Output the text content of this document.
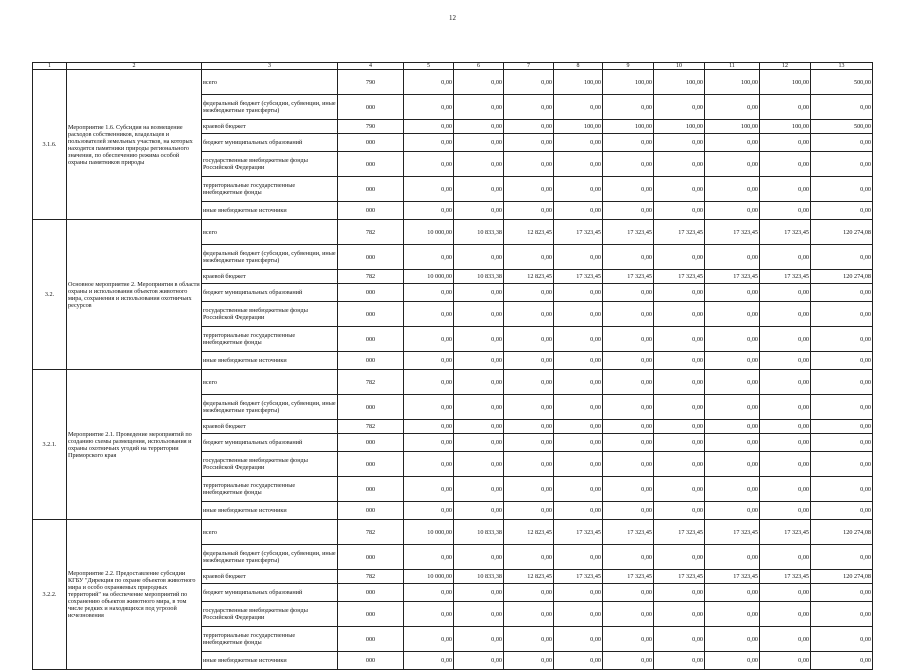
12
1	2	3	4	5	6	7	8	9	10	11	12	13
3.1.6.	Мероприятие 1.6. Субсидия на возмещение расходов собственников, владельцев и пользователей земельных участков, на которых находятся памятники природы регионального значения, по обеспечению режима особой охраны памятников природы	всего	790	0,00	0,00	0,00	100,00	100,00	100,00	100,00	100,00	500,00
		федеральный бюджет (субсидии, субвенции, иные межбюджетные трансферты)	000	0,00	0,00	0,00	0,00	0,00	0,00	0,00	0,00	0,00
		краевой бюджет	790	0,00	0,00	0,00	100,00	100,00	100,00	100,00	100,00	500,00
		бюджет муниципальных образований	000	0,00	0,00	0,00	0,00	0,00	0,00	0,00	0,00	0,00
		государственные внебюджетные фонды Российской Федерации	000	0,00	0,00	0,00	0,00	0,00	0,00	0,00	0,00	0,00
		территориальные государственные внебюджетные фонды	000	0,00	0,00	0,00	0,00	0,00	0,00	0,00	0,00	0,00
		иные внебюджетные источники	000	0,00	0,00	0,00	0,00	0,00	0,00	0,00	0,00	0,00
3.2.	Основное мероприятие 2. Мероприятия в области охраны и использования объектов животного мира, сохранения и использования охотничьих ресурсов	всего	782	10 000,00	10 833,38	12 823,45	17 323,45	17 323,45	17 323,45	17 323,45	17 323,45	120 274,08
		федеральный бюджет (субсидии, субвенции, иные межбюджетные трансферты)	000	0,00	0,00	0,00	0,00	0,00	0,00	0,00	0,00	0,00
		краевой бюджет	782	10 000,00	10 833,38	12 823,45	17 323,45	17 323,45	17 323,45	17 323,45	17 323,45	120 274,08
		бюджет муниципальных образований	000	0,00	0,00	0,00	0,00	0,00	0,00	0,00	0,00	0,00
		государственные внебюджетные фонды Российской Федерации	000	0,00	0,00	0,00	0,00	0,00	0,00	0,00	0,00	0,00
		территориальные государственные внебюджетные фонды	000	0,00	0,00	0,00	0,00	0,00	0,00	0,00	0,00	0,00
		иные внебюджетные источники	000	0,00	0,00	0,00	0,00	0,00	0,00	0,00	0,00	0,00
3.2.1.	Мероприятие 2.1. Проведение мероприятий по созданию схемы размещения, использования и охраны охотничьих угодий на территории Приморского края	всего	782	0,00	0,00	0,00	0,00	0,00	0,00	0,00	0,00	0,00
		федеральный бюджет (субсидии, субвенции, иные межбюджетные трансферты)	000	0,00	0,00	0,00	0,00	0,00	0,00	0,00	0,00	0,00
		краевой бюджет	782	0,00	0,00	0,00	0,00	0,00	0,00	0,00	0,00	0,00
		бюджет муниципальных образований	000	0,00	0,00	0,00	0,00	0,00	0,00	0,00	0,00	0,00
		государственные внебюджетные фонды Российской Федерации	000	0,00	0,00	0,00	0,00	0,00	0,00	0,00	0,00	0,00
		территориальные государственные внебюджетные фонды	000	0,00	0,00	0,00	0,00	0,00	0,00	0,00	0,00	0,00
		иные внебюджетные источники	000	0,00	0,00	0,00	0,00	0,00	0,00	0,00	0,00	0,00
3.2.2.	Мероприятие 2.2. Предоставление субсидии КГБУ "Дирекция по охране объектов животного мира и особо охраняемых природных территорий" на обеспечение мероприятий по сохранению объектов животного мира, в том числе редких и находящихся под угрозой исчезновения	всего	782	10 000,00	10 833,38	12 823,45	17 323,45	17 323,45	17 323,45	17 323,45	17 323,45	120 274,08
		федеральный бюджет (субсидии, субвенции, иные межбюджетные трансферты)	000	0,00	0,00	0,00	0,00	0,00	0,00	0,00	0,00	0,00
		краевой бюджет	782	10 000,00	10 833,38	12 823,45	17 323,45	17 323,45	17 323,45	17 323,45	17 323,45	120 274,08
		бюджет муниципальных образований	000	0,00	0,00	0,00	0,00	0,00	0,00	0,00	0,00	0,00
		государственные внебюджетные фонды Российской Федерации	000	0,00	0,00	0,00	0,00	0,00	0,00	0,00	0,00	0,00
		территориальные государственные внебюджетные фонды	000	0,00	0,00	0,00	0,00	0,00	0,00	0,00	0,00	0,00
		иные внебюджетные источники	000	0,00	0,00	0,00	0,00	0,00	0,00	0,00	0,00	0,00
